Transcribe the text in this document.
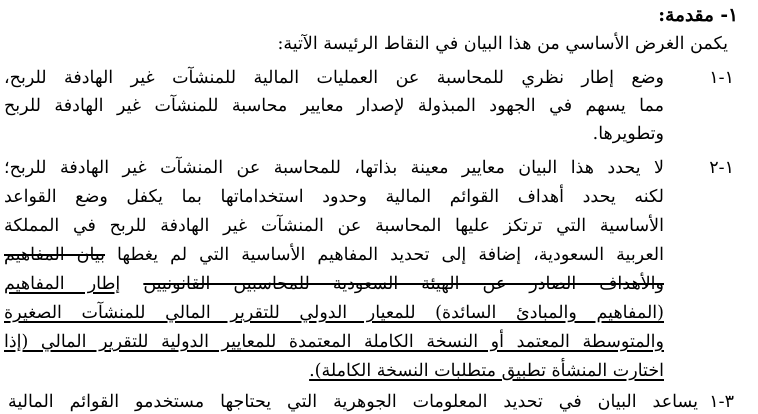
١- مقدمة:
يكمن الغرض الأساسي من هذا البيان في النقاط الرئيسة الآتية:
١-١
وضع إطار نظري للمحاسبة عن العمليات المالية للمنشآت غير الهادفة للربح،
مما يسهم في الجهود المبذولة لإصدار معايير محاسبة للمنشآت غير الهادفة للربح
وتطويرها.
١-٢
لا يحدد هذا البيان معايير معينة بذاتها، للمحاسبة عن المنشآت غير الهادفة للربح؛
لكنه يحدد أهداف القوائم المالية وحدود استخداماتها بما يكفل وضع القواعد
الأساسية التي ترتكز عليها المحاسبة عن المنشآت غير الهادفة للربح في المملكة
العربية السعودية، إضافة إلى تحديد المفاهيم الأساسية التي لم يغطها بيان المفاهيم
والأهداف الصادر عن الهيئة السعودية للمحاسبين القانونيين إطار المفاهيم
(المفاهيم والمبادئ السائدة) للمعيار الدولي للتقرير المالي للمنشآت الصغيرة
والمتوسطة المعتمد أو النسخة الكاملة المعتمدة للمعايير الدولية للتقرير المالي (إذا
اختارت المنشأة تطبيق متطلبات النسخة الكاملة).
يساعد البيان في تحديد المعلومات الجوهرية التي يحتاجها مستخدمو القوائم المالية ٣-١
